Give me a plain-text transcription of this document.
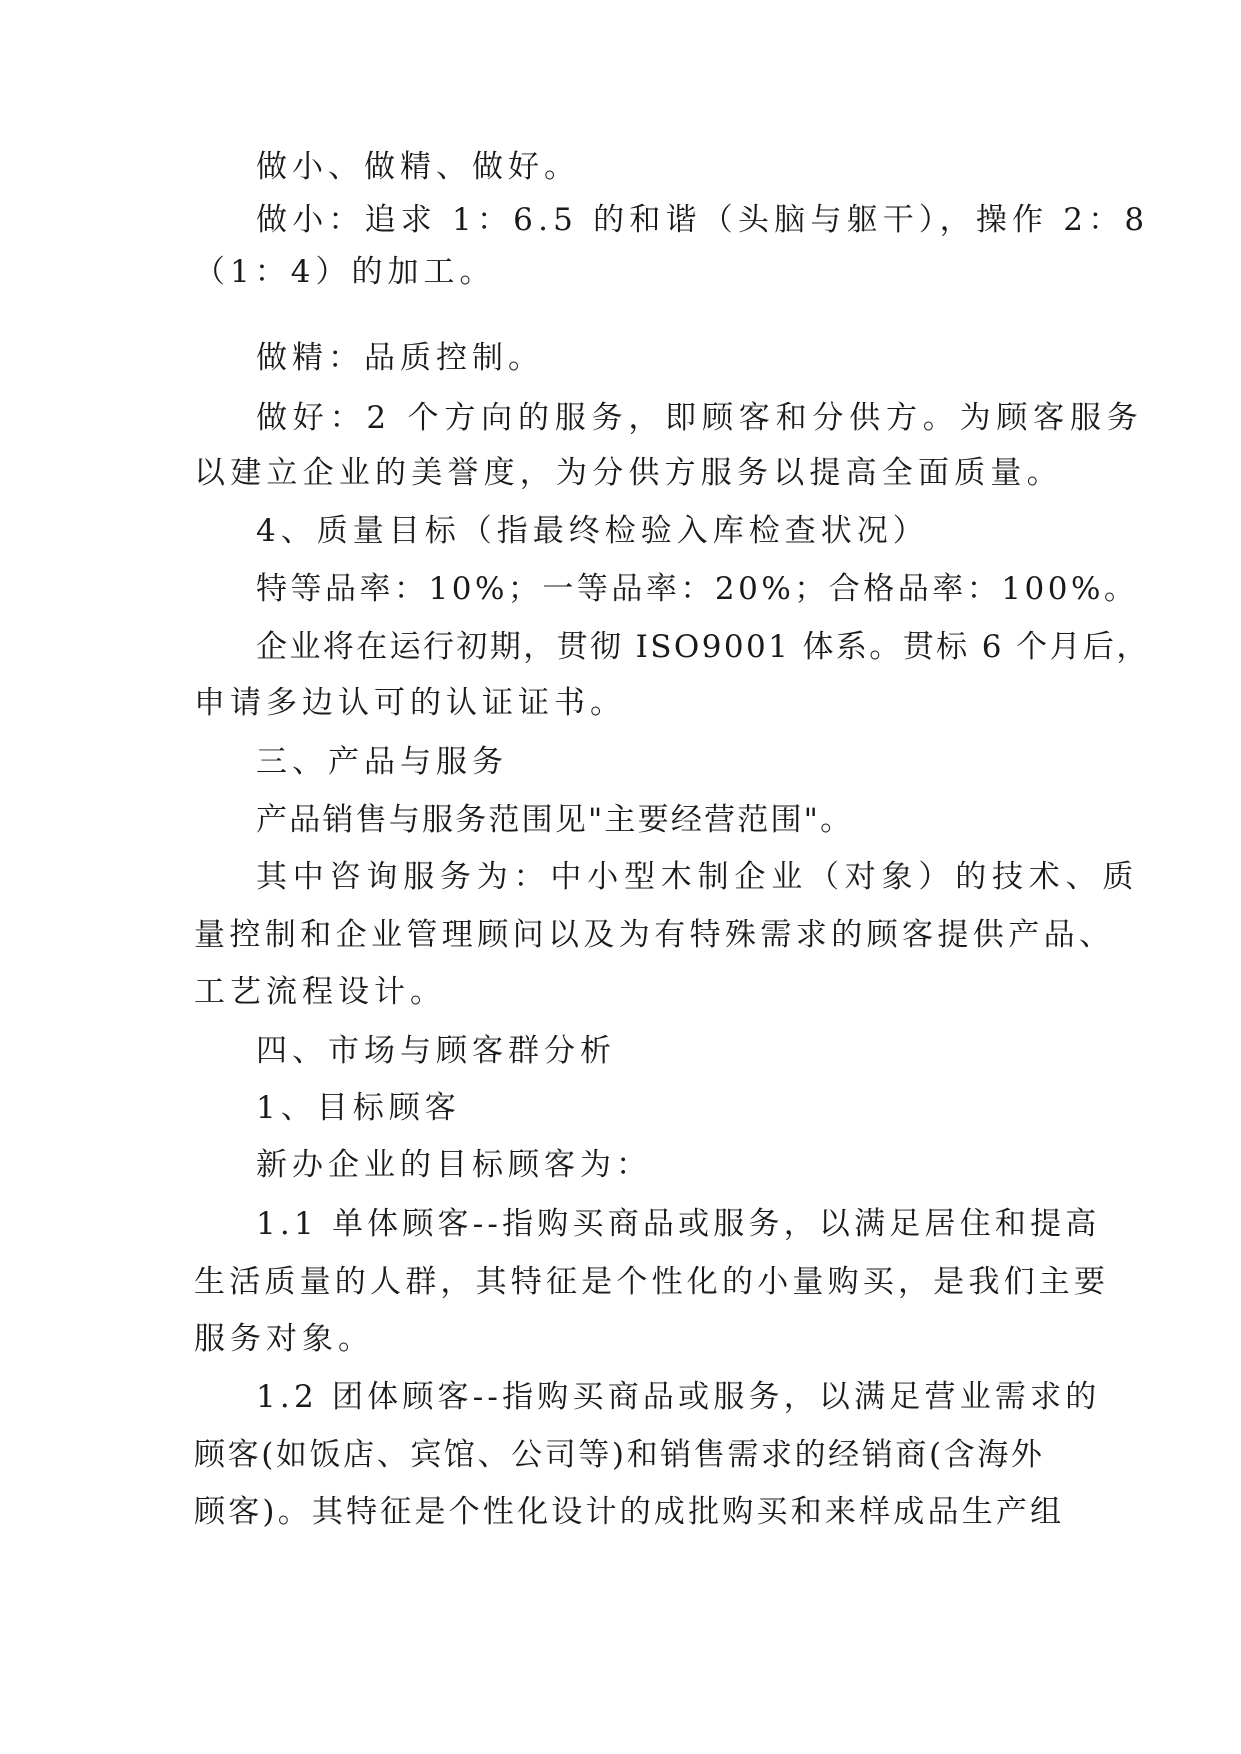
做小、做精、做好。
做小：追求 1：6.5 的和谐（头脑与躯干），操作 2：8
（1：4）的加工。
做精：品质控制。
做好：2 个方向的服务，即顾客和分供方。为顾客服务
以建立企业的美誉度，为分供方服务以提高全面质量。
4、质量目标（指最终检验入库检查状况）
特等品率：10%；一等品率：20%；合格品率：100%。
企业将在运行初期，贯彻 ISO9001 体系。贯标 6 个月后，
申请多边认可的认证证书。
三、产品与服务
产品销售与服务范围见"主要经营范围"。
其中咨询服务为：中小型木制企业（对象）的技术、质
量控制和企业管理顾问以及为有特殊需求的顾客提供产品、
工艺流程设计。
四、市场与顾客群分析
1、目标顾客
新办企业的目标顾客为：
1.1 单体顾客--指购买商品或服务，以满足居住和提高
生活质量的人群，其特征是个性化的小量购买，是我们主要
服务对象。
1.2 团体顾客--指购买商品或服务，以满足营业需求的
顾客(如饭店、宾馆、公司等)和销售需求的经销商(含海外
顾客)。其特征是个性化设计的成批购买和来样成品生产组
